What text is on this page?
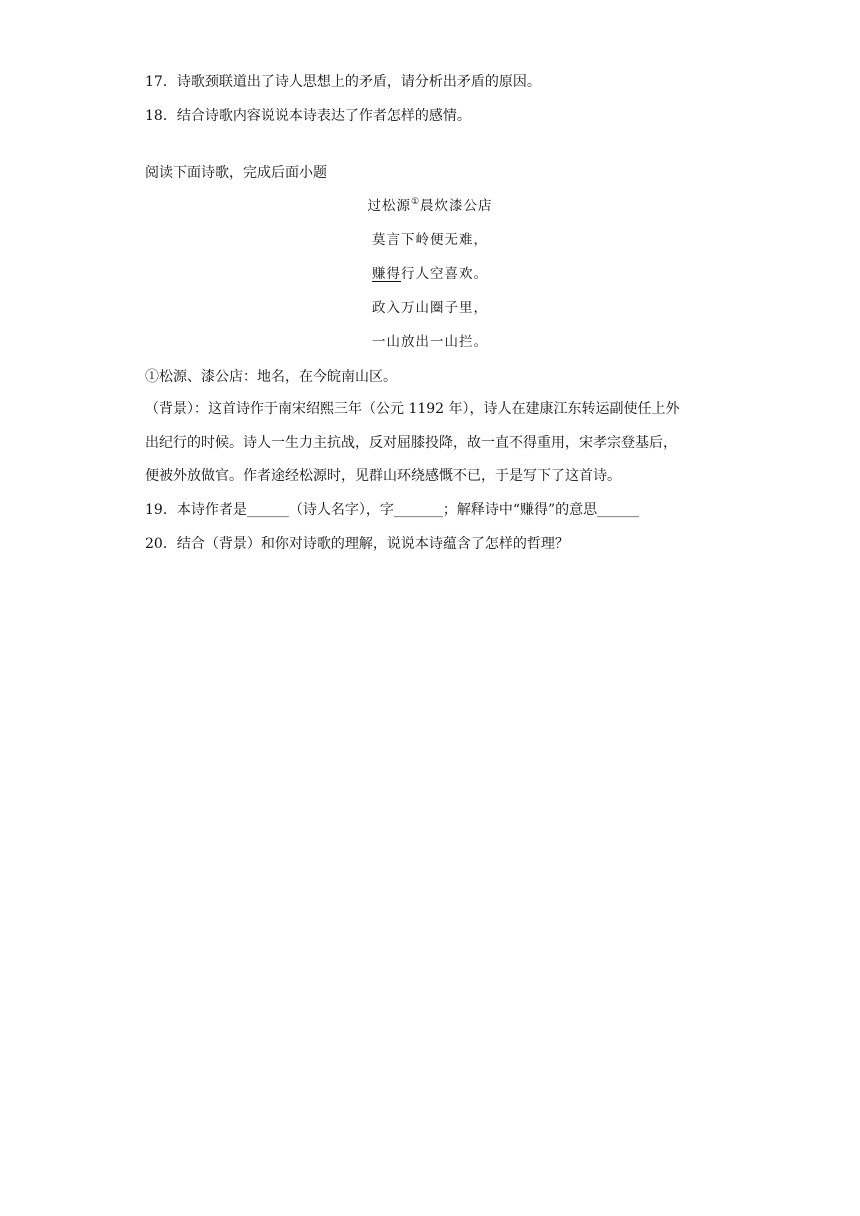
17．诗歌颈联道出了诗人思想上的矛盾，请分析出矛盾的原因。
18．结合诗歌内容说说本诗表达了作者怎样的感情。
阅读下面诗歌，完成后面小题
过松源①晨炊漆公店
莫言下岭便无难，
赚得行人空喜欢。
政入万山圈子里，
一山放出一山拦。
①松源、漆公店：地名，在今皖南山区。
（背景）：这首诗作于南宋绍熙三年（公元 1192 年），诗人在建康江东转运副使任上外
出纪行的时候。诗人一生力主抗战，反对屈膝投降，故一直不得重用，宋孝宗登基后，
便被外放做官。作者途经松源时，见群山环绕感慨不已，于是写下了这首诗。
19．本诗作者是______（诗人名字），字_______；解释诗中“赚得”的意思______
20．结合（背景）和你对诗歌的理解，说说本诗蕴含了怎样的哲理？
